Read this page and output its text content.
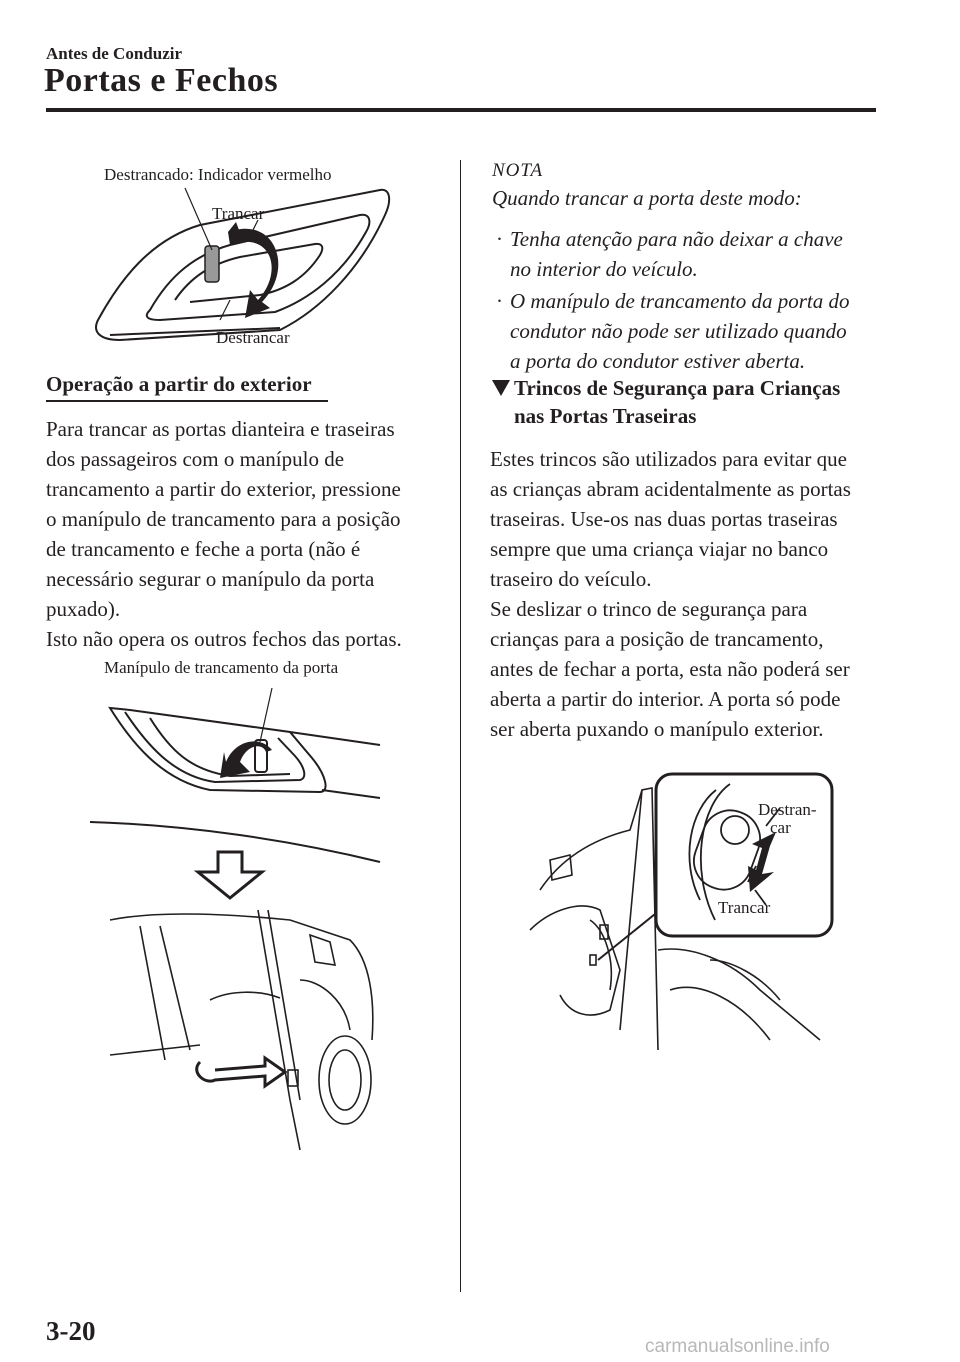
Antes de Conduzir
Portas e Fechos
Destrancado: Indicador vermelho
Trancar
Destrancar
Operação a partir do exterior
Para trancar as portas dianteira e traseiras
dos passageiros com o manípulo de
trancamento a partir do exterior, pressione
o manípulo de trancamento para a posição
de trancamento e feche a porta (não é
necessário segurar o manípulo da porta
puxado).
Isto não opera os outros fechos das portas.
Manípulo de trancamento da porta
NOTA
Quando trancar a porta deste modo:
· Tenha atenção para não deixar a chave
no interior do veículo.
· O manípulo de trancamento da porta do
condutor não pode ser utilizado quando
a porta do condutor estiver aberta.
Trincos de Segurança para Crianças
nas Portas Traseiras
Estes trincos são utilizados para evitar que
as crianças abram acidentalmente as portas
traseiras. Use-os nas duas portas traseiras
sempre que uma criança viajar no banco
traseiro do veículo.
Se deslizar o trinco de segurança para
crianças para a posição de trancamento,
antes de fechar a porta, esta não poderá ser
aberta a partir do interior. A porta só pode
ser aberta puxando o manípulo exterior.
Destran-
car
Trancar
3-20
carmanualsonline.info
